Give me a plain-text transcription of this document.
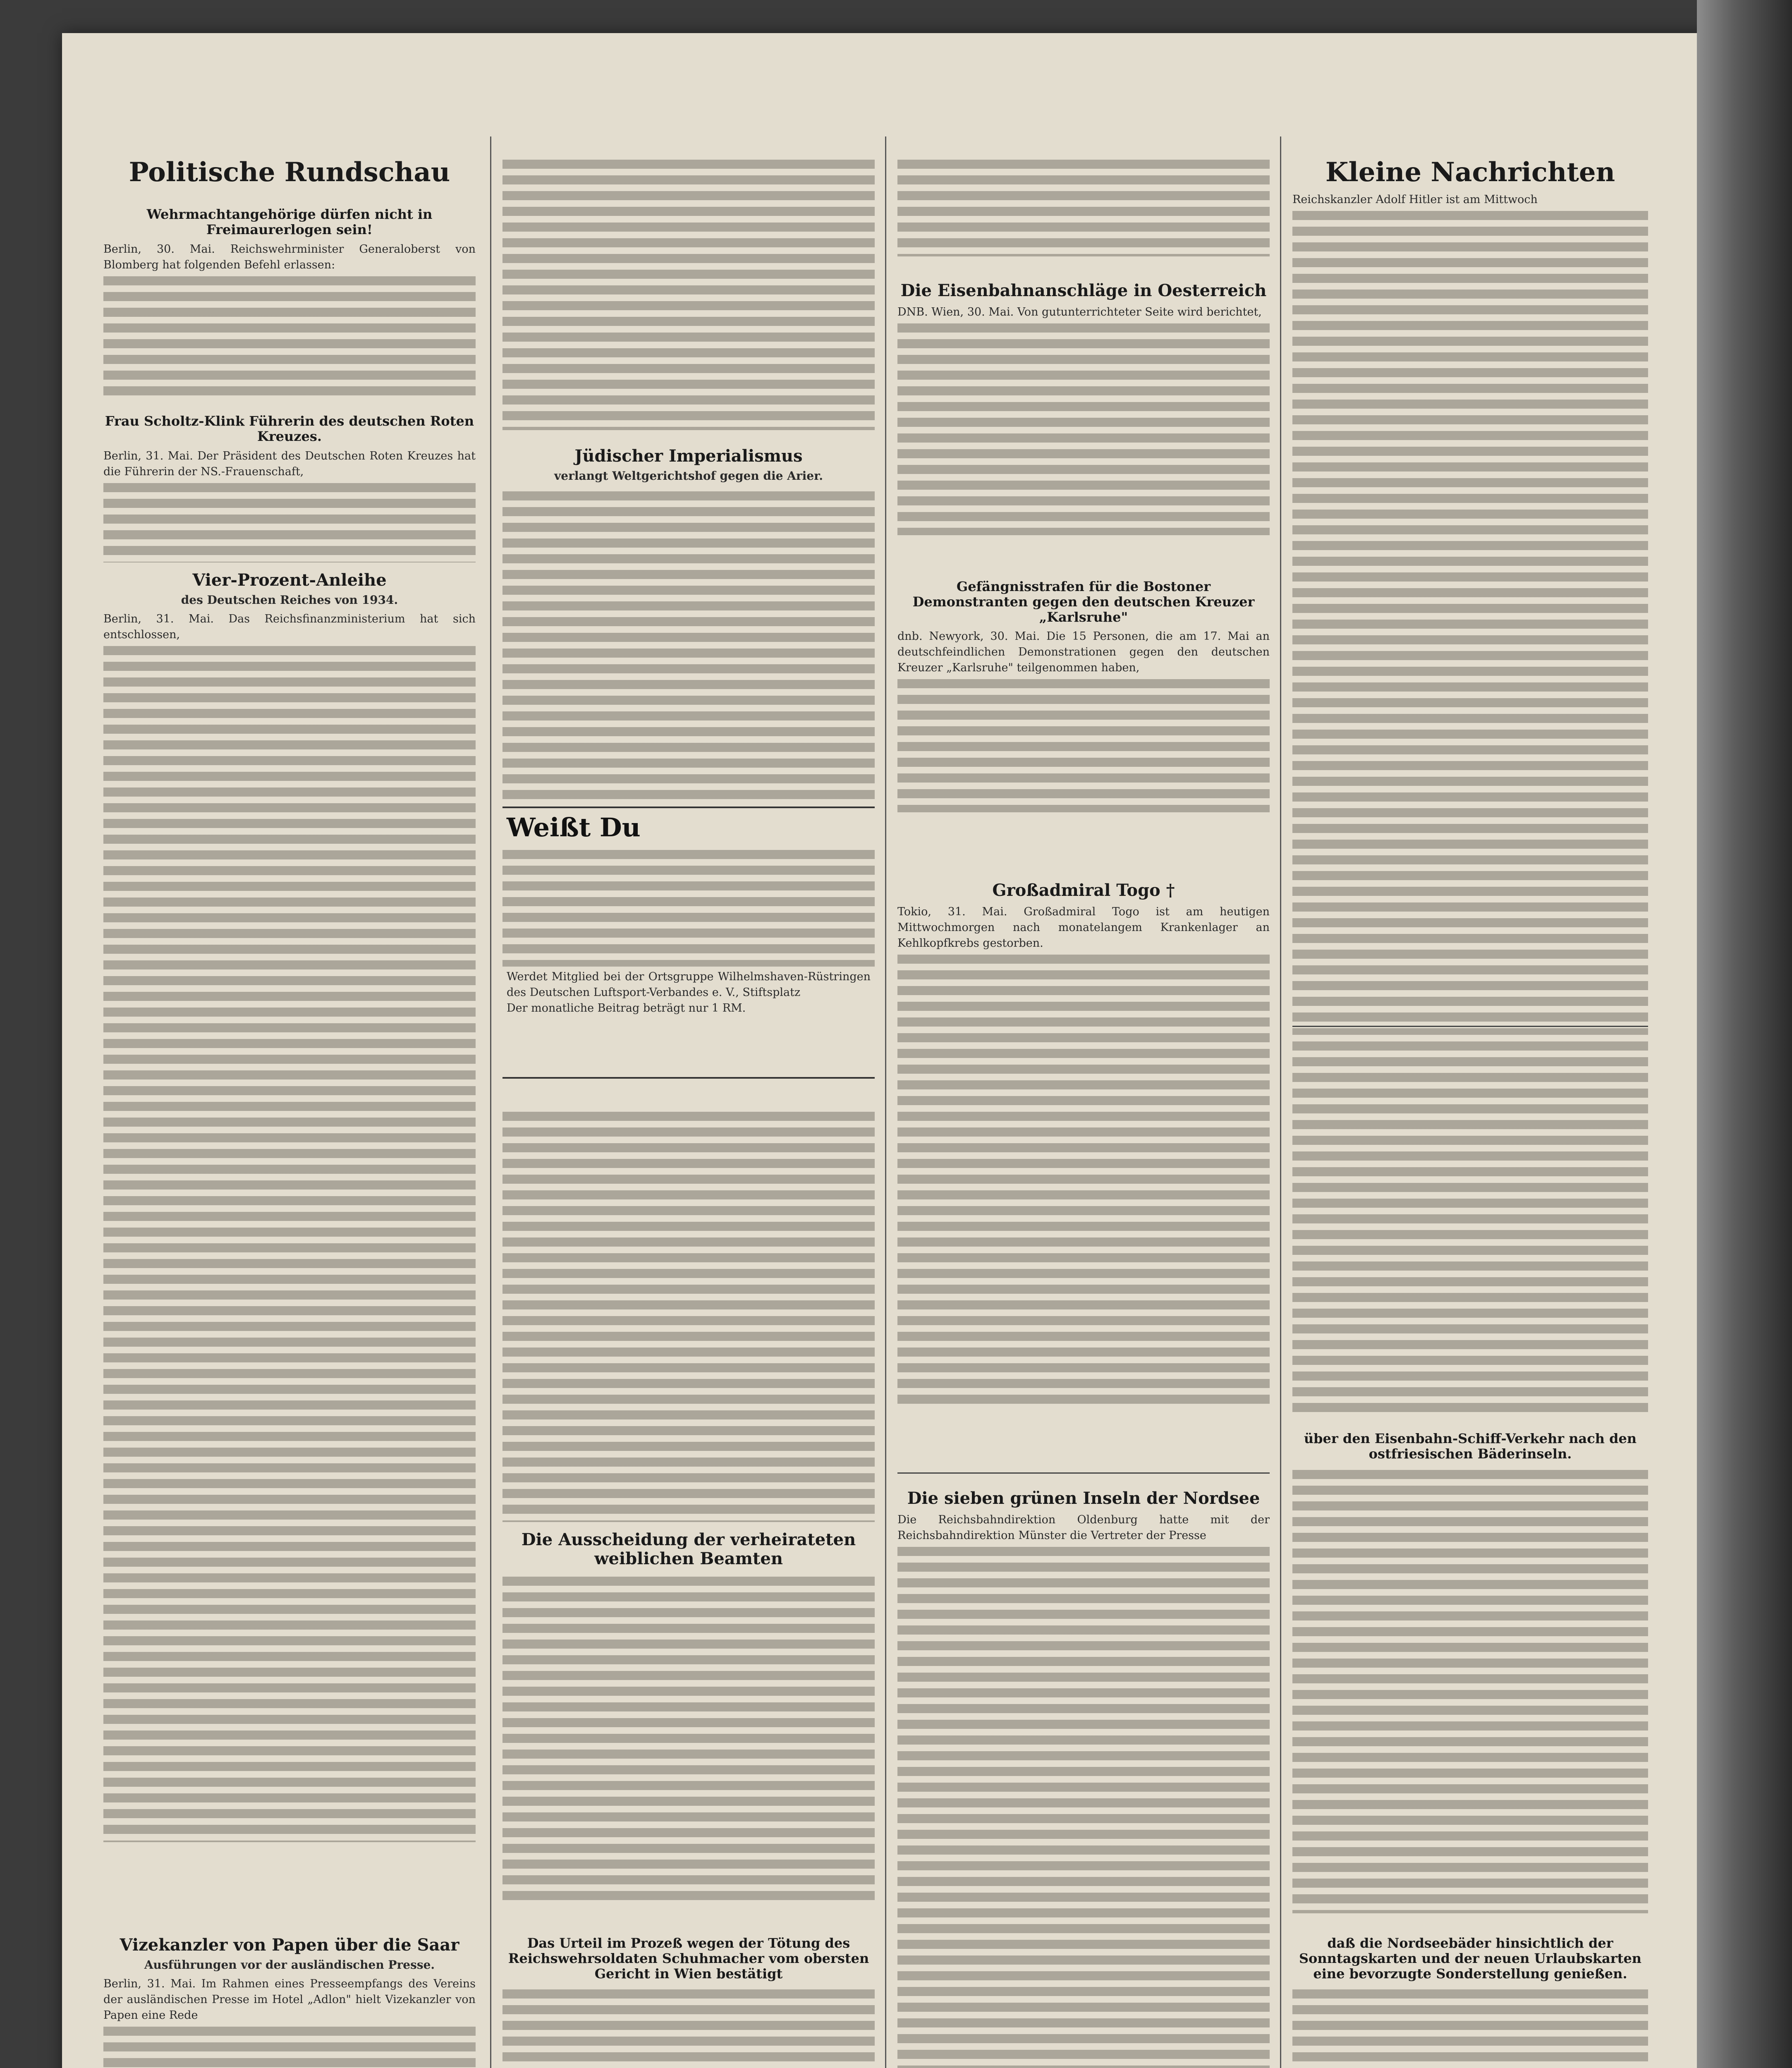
Politische Rundschau

Wehrmachtangehörige dürfen nicht in Freimaurerlogen sein!

Berlin, 30. Mai. Reichswehrminister Generaloberst von Blomberg hat folgenden Befehl erlassen:

Frau Scholtz-Klink Führerin des deutschen Roten Kreuzes.

Berlin, 31. Mai. Der Präsident des Deutschen Roten Kreuzes hat die Führerin der NS.-Frauenschaft,

Vier-Prozent-Anleihe

des Deutschen Reiches von 1934.

Berlin, 31. Mai. Das Reichsfinanzministerium hat sich entschlossen,

Vizekanzler von Papen über die Saar

Ausführungen vor der ausländischen Presse.

Berlin, 31. Mai. Im Rahmen eines Presseempfangs des Vereins der ausländischen Presse im Hotel „Adlon" hielt Vizekanzler von Papen eine Rede

Jüdischer Imperialismus

verlangt Weltgerichtshof gegen die Arier.

Weißt Du

Werdet Mitglied bei der Ortsgruppe Wilhelmshaven-Rüstringen des Deutschen Luftsport-Verbandes e. V., Stiftsplatz

Der monatliche Beitrag beträgt nur 1 RM.

Die Ausscheidung der verheirateten weiblichen Beamten

Das Urteil im Prozeß wegen der Tötung des Reichswehrsoldaten Schuhmacher vom obersten Gericht in Wien bestätigt

Die Eisenbahnanschläge in Oesterreich

DNB. Wien, 30. Mai. Von gutunterrichteter Seite wird berichtet,

Gefängnisstrafen für die Bostoner Demonstranten gegen den deutschen Kreuzer „Karlsruhe"

dnb. Newyork, 30. Mai. Die 15 Personen, die am 17. Mai an deutschfeindlichen Demonstrationen gegen den deutschen Kreuzer „Karlsruhe" teilgenommen haben,

Großadmiral Togo †

Tokio, 31. Mai. Großadmiral Togo ist am heutigen Mittwochmorgen nach monatelangem Krankenlager an Kehlkopfkrebs gestorben.

Die sieben grünen Inseln der Nordsee

Die Reichsbahndirektion Oldenburg hatte mit der Reichsbahndirektion Münster die Vertreter der Presse

Kleine Nachrichten

Reichskanzler Adolf Hitler ist am Mittwoch

über den Eisenbahn-Schiff-Verkehr nach den ostfriesischen Bäderinseln.

daß die Nordseebäder hinsichtlich der Sonntagskarten und der neuen Urlaubskarten eine bevorzugte Sonderstellung genießen.
